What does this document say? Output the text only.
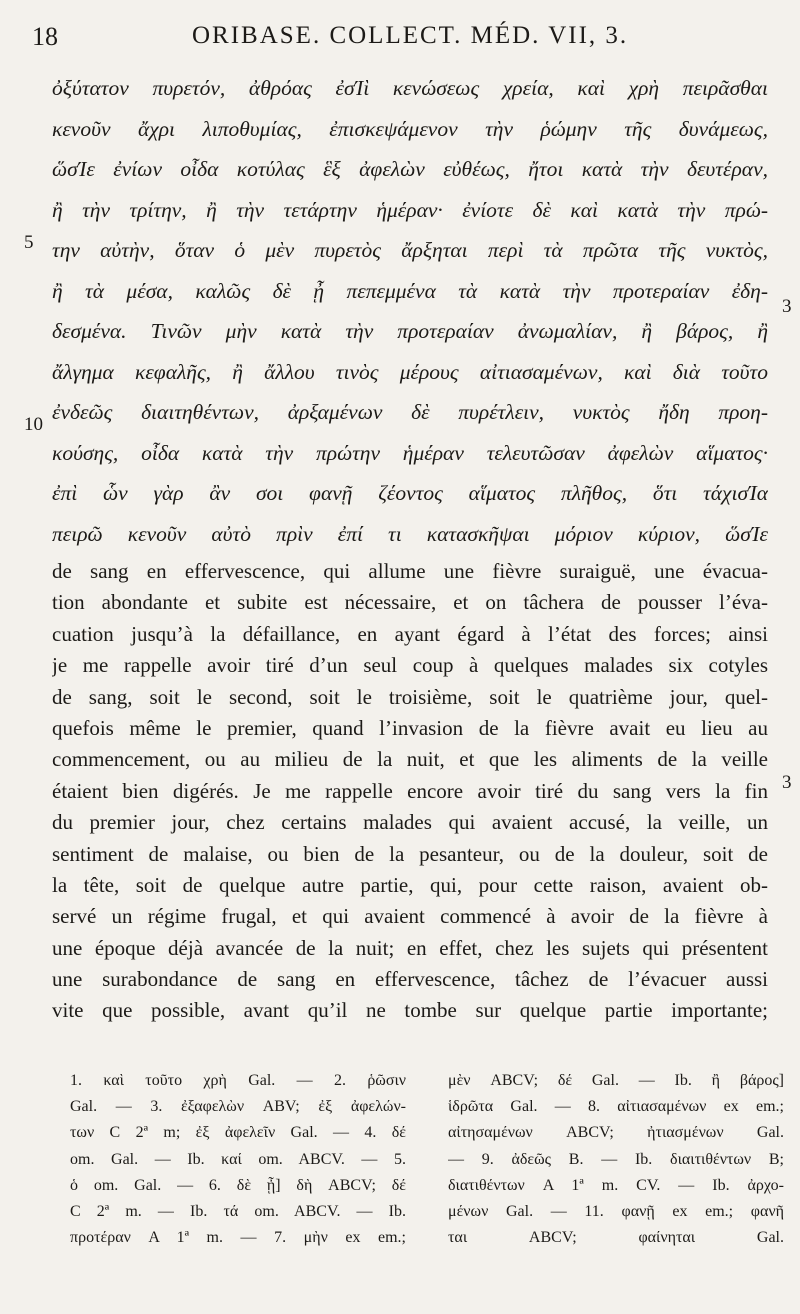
18	ORIBASE. COLLECT. MÉD. VII, 3.
ὀξύτατον πυρετόν, ἀθρόας ἐσΊὶ κενώσεως χρεία, καὶ χρὴ πειρᾶσθαι
κενοῦν ἄχρι λιποθυμίας, ἐπισκεψάμενον τὴν ῥώμην τῆς δυνάμεως,
ὥσΊε ἐνίων οἶδα κοτύλας ἓξ ἀφελὼν εὐθέως, ἤτοι κατὰ τὴν δευτέραν,
ἢ τὴν τρίτην, ἢ τὴν τετάρτην ἡμέραν· ἐνίοτε δὲ καὶ κατὰ τὴν πρώ-
την αὐτὴν, ὅταν ὁ μὲν πυρετὸς ἄρξηται περὶ τὰ πρῶτα τῆς νυκτὸς,
ἢ τὰ μέσα, καλῶς δὲ ᾖ πεπεμμένα τὰ κατὰ τὴν προτεραίαν ἐδη-
δεσμένα. Τινῶν μὴν κατὰ τὴν προτεραίαν ἀνωμαλίαν, ἢ βάρος, ἢ
ἄλγημα κεφαλῆς, ἢ ἄλλου τινὸς μέρους αἰτιασαμένων, καὶ διὰ τοῦτο
ἐνδεῶς διαιτηθέντων, ἀρξαμένων δὲ πυρέτλειν, νυκτὸς ἤδη προη-
κούσης, οἶδα κατὰ τὴν πρώτην ἡμέραν τελευτῶσαν ἀφελὼν αἵματος·
ἐπὶ ὧν γὰρ ἂν σοι φανῇ ζέοντος αἵματος πλῆθος, ὅτι τάχισΊα
πειρῶ κενοῦν αὐτὸ πρὶν ἐπί τι κατασκῆψαι μόριον κύριον, ὥσΊε
5
10
3
de sang en effervescence, qui allume une fièvre suraiguë, une évacua-
tion abondante et subite est nécessaire, et on tâchera de pousser l’éva-
cuation jusqu’à la défaillance, en ayant égard à l’état des forces; ainsi
je me rappelle avoir tiré d’un seul coup à quelques malades six cotyles
de sang, soit le second, soit le troisième, soit le quatrième jour, quel-
quefois même le premier, quand l’invasion de la fièvre avait eu lieu au
commencement, ou au milieu de la nuit, et que les aliments de la veille
étaient bien digérés. Je me rappelle encore avoir tiré du sang vers la fin
du premier jour, chez certains malades qui avaient accusé, la veille, un
sentiment de malaise, ou bien de la pesanteur, ou de la douleur, soit de
la tête, soit de quelque autre partie, qui, pour cette raison, avaient ob-
servé un régime frugal, et qui avaient commencé à avoir de la fièvre à
une époque déjà avancée de la nuit; en effet, chez les sujets qui présentent
une surabondance de sang en effervescence, tâchez de l’évacuer aussi
vite que possible, avant qu’il ne tombe sur quelque partie importante;
3
1. καὶ τοῦτο χρὴ Gal. — 2. ῥῶσιν
Gal. — 3. ἐξαφελὼν ABV; ἐξ ἀφελών-
των C 2ª m; ἐξ ἀφελεῖν Gal. — 4. δέ
om. Gal. — Ib. καί om. ABCV. — 5.
ὁ om. Gal. — 6. δὲ ᾖ] δὴ ABCV; δέ
C 2ª m. — Ib. τά om. ABCV. — Ib.
προτέραν A 1ª m. — 7. μὴν ex em.;
μὲν ABCV; δέ Gal. — Ib. ἢ βάρος]
ἱδρῶτα Gal. — 8. αἰτιασαμένων ex em.;
αἰτησαμένων ABCV; ἠτιασμένων Gal.
— 9. ἀδεῶς B. — Ib. διαιτιθέντων B;
διατιθέντων A 1ª m. CV. — Ib. ἀρχο-
μένων Gal. — 11. φανῇ ex em.; φανῆ
ται ABCV; φαίνηται Gal.
